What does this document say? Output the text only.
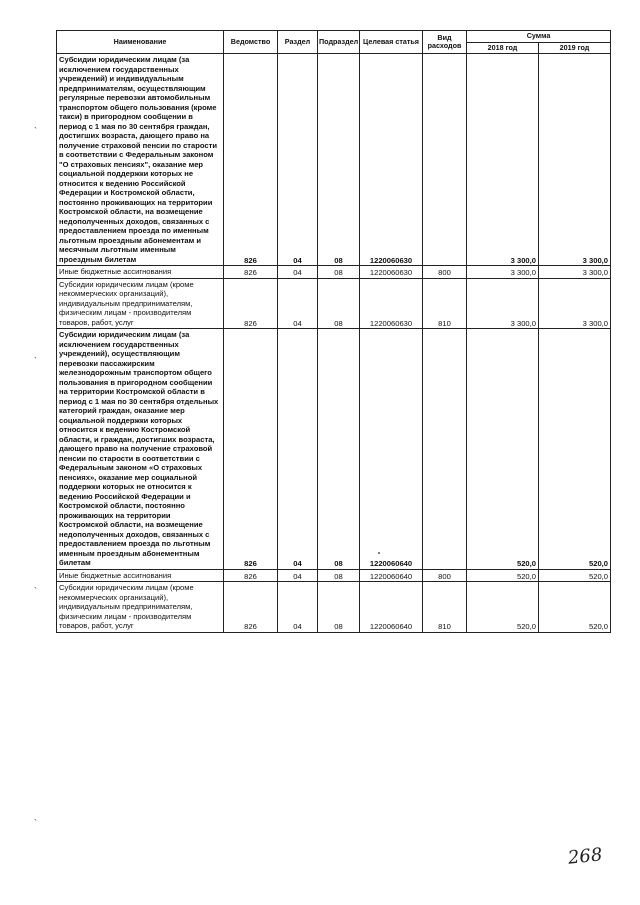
Наименование	Ведомство	Раздел	Подраздел	Целевая статья	Вид расходов	Сумма	
						2018 год	2019 год
Субсидии юридическим лицам (за исключением государственных учреждений) и индивидуальным предпринимателям, осуществляющим регулярные перевозки автомобильным транспортом общего пользования (кроме такси) в пригородном сообщении в период с 1 мая по 30 сентября граждан, достигших возраста, дающего право на получение страховой пенсии по старости в соответствии с Федеральным законом "О страховых пенсиях", оказание мер социальной поддержки которых не относится к ведению Российской Федерации и Костромской области, постоянно проживающих на территории Костромской области, на возмещение недополученных доходов, связанных с предоставлением проезда по именным льготным проездным абонементам и месячным льготным именным проездным билетам	826	04	08	1220060630		3 300,0	3 300,0
Иные бюджетные ассигнования	826	04	08	1220060630	800	3 300,0	3 300,0
Субсидии юридическим лицам (кроме некоммерческих организаций), индивидуальным предпринимателям, физическим лицам - производителям товаров, работ, услуг	826	04	08	1220060630	810	3 300,0	3 300,0
Субсидии юридическим лицам (за исключением государственных учреждений), осуществляющим перевозки пассажирским железнодорожным транспортом общего пользования в пригородном сообщении на территории Костромской области в период с 1 мая по 30 сентября отдельных категорий граждан, оказание мер социальной поддержки которых относится к ведению Костромской области, и граждан, достигших возраста, дающего право на получение страховой пенсии по старости в соответствии с Федеральным законом «О страховых пенсиях», оказание мер социальной поддержки которых не относится к ведению Российской Федерации и Костромской области, постоянно проживающих на территории Костромской области, на возмещение недополученных доходов, связанных с предоставлением проезда по льготным именным проездным абонементным билетам	826	04	08	1220060640		520,0	520,0
Иные бюджетные ассигнования	826	04	08	1220060640	800	520,0	520,0
Субсидии юридическим лицам (кроме некоммерческих организаций), индивидуальным предпринимателям, физическим лицам - производителям товаров, работ, услуг	826	04	08	1220060640	810	520,0	520,0
268
`
`
`
`
